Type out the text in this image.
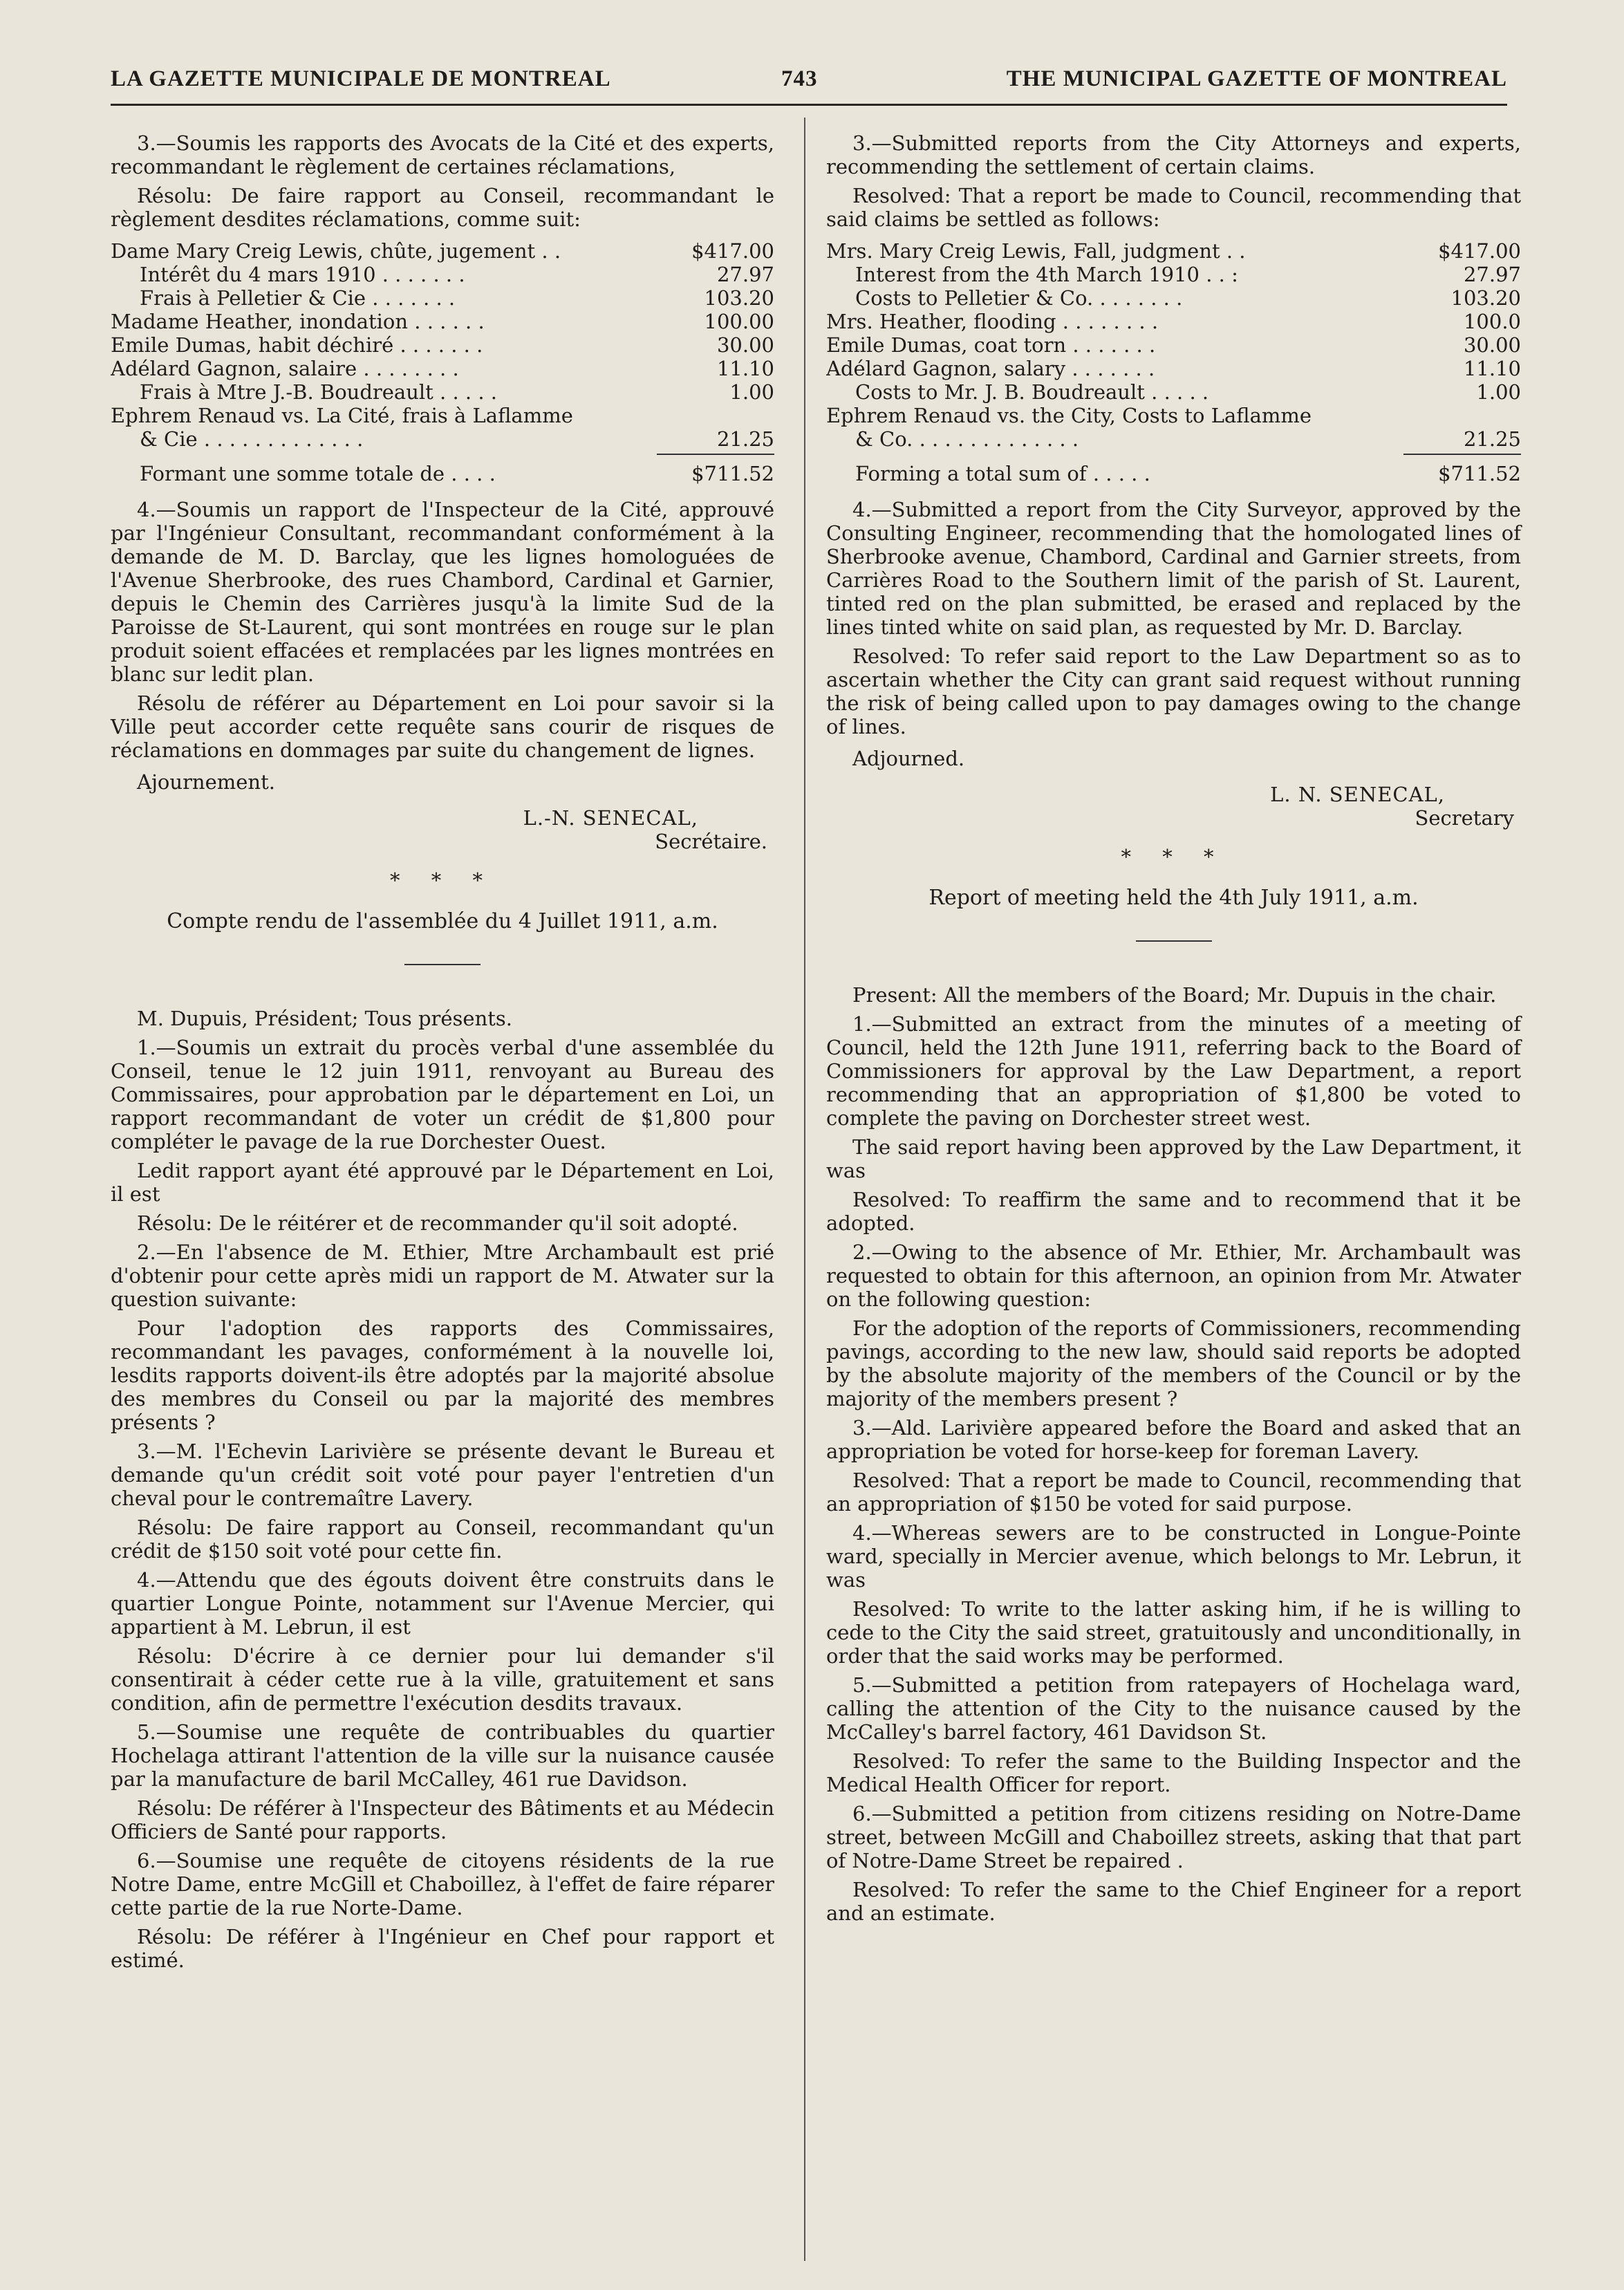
LA GAZETTE MUNICIPALE DE MONTREAL	743	THE MUNICIPAL GAZETTE OF MONTREAL

3.—Soumis les rapports des Avocats de la Cité et des experts, recommandant le règlement de certaines réclamations,

Résolu: De faire rapport au Conseil, recommandant le règlement desdites réclamations, comme suit:

Dame Mary Creig Lewis, chûte, jugement . .	$417.00
Intérêt du 4 mars 1910 . . . . . . .	27.97
Frais à Pelletier & Cie . . . . . . .	103.20
Madame Heather, inondation . . . . . .	100.00
Emile Dumas, habit déchiré . . . . . . .	30.00
Adélard Gagnon, salaire . . . . . . . .	11.10
Frais à Mtre J.-B. Boudreault . . . . .	1.00
Ephrem Renaud vs. La Cité, frais à Laflamme
& Cie . . . . . . . . . . . . .	21.25
Formant une somme totale de . . . .	$711.52

4.—Soumis un rapport de l'Inspecteur de la Cité, approuvé par l'Ingénieur Consultant, recommandant conformément à la demande de M. D. Barclay, que les lignes homologuées de l'Avenue Sherbrooke, des rues Chambord, Cardinal et Garnier, depuis le Chemin des Carrières jusqu'à la limite Sud de la Paroisse de St-Laurent, qui sont montrées en rouge sur le plan produit soient effacées et remplacées par les lignes montrées en blanc sur ledit plan.

Résolu de référer au Département en Loi pour savoir si la Ville peut accorder cette requête sans courir de risques de réclamations en dommages par suite du changement de lignes.

Ajournement.

L.-N. SENECAL,
Secrétaire.
* * *
Compte rendu de l'assemblée du 4 Juillet 1911, a.m.

M. Dupuis, Président; Tous présents.

1.—Soumis un extrait du procès verbal d'une assemblée du Conseil, tenue le 12 juin 1911, renvoyant au Bureau des Commissaires, pour approbation par le département en Loi, un rapport recommandant de voter un crédit de $1,800 pour compléter le pavage de la rue Dorchester Ouest.

Ledit rapport ayant été approuvé par le Département en Loi, il est

Résolu: De le réitérer et de recommander qu'il soit adopté.

2.—En l'absence de M. Ethier, Mtre Archambault est prié d'obtenir pour cette après midi un rapport de M. Atwater sur la question suivante:

Pour l'adoption des rapports des Commissaires, recommandant les pavages, conformément à la nouvelle loi, lesdits rapports doivent-ils être adoptés par la majorité absolue des membres du Conseil ou par la majorité des membres présents ?

3.—M. l'Echevin Larivière se présente devant le Bureau et demande qu'un crédit soit voté pour payer l'entretien d'un cheval pour le contremaître Lavery.

Résolu: De faire rapport au Conseil, recommandant qu'un crédit de $150 soit voté pour cette fin.

4.—Attendu que des égouts doivent être construits dans le quartier Longue Pointe, notamment sur l'Avenue Mercier, qui appartient à M. Lebrun, il est

Résolu: D'écrire à ce dernier pour lui demander s'il consentirait à céder cette rue à la ville, gratuitement et sans condition, afin de permettre l'exécution desdits travaux.

5.—Soumise une requête de contribuables du quartier Hochelaga attirant l'attention de la ville sur la nuisance causée par la manufacture de baril McCalley, 461 rue Davidson.

Résolu: De référer à l'Inspecteur des Bâtiments et au Médecin Officiers de Santé pour rapports.

6.—Soumise une requête de citoyens résidents de la rue Notre Dame, entre McGill et Chaboillez, à l'effet de faire réparer cette partie de la rue Norte-Dame.

Résolu: De référer à l'Ingénieur en Chef pour rapport et estimé.

3.—Submitted reports from the City Attorneys and experts, recommending the settlement of certain claims.

Resolved: That a report be made to Council, recommending that said claims be settled as follows:

Mrs. Mary Creig Lewis, Fall, judgment . .	$417.00
Interest from the 4th March 1910 . . :	27.97
Costs to Pelletier & Co. . . . . . . .	103.20
Mrs. Heather, flooding . . . . . . . .	100.0
Emile Dumas, coat torn . . . . . . .	30.00
Adélard Gagnon, salary . . . . . . .	11.10
Costs to Mr. J. B. Boudreault . . . . .	1.00
Ephrem Renaud vs. the City, Costs to Laflamme
& Co. . . . . . . . . . . . . .	21.25
Forming a total sum of . . . . .	$711.52

4.—Submitted a report from the City Surveyor, approved by the Consulting Engineer, recommending that the homologated lines of Sherbrooke avenue, Chambord, Cardinal and Garnier streets, from Carrières Road to the Southern limit of the parish of St. Laurent, tinted red on the plan submitted, be erased and replaced by the lines tinted white on said plan, as requested by Mr. D. Barclay.

Resolved: To refer said report to the Law Department so as to ascertain whether the City can grant said request without running the risk of being called upon to pay damages owing to the change of lines.

Adjourned.

L. N. SENECAL,
Secretary
* * *
Report of meeting held the 4th July 1911, a.m.

Present: All the members of the Board; Mr. Dupuis in the chair.

1.—Submitted an extract from the minutes of a meeting of Council, held the 12th June 1911, referring back to the Board of Commissioners for approval by the Law Department, a report recommending that an appropriation of $1,800 be voted to complete the paving on Dorchester street west.

The said report having been approved by the Law Department, it was

Resolved: To reaffirm the same and to recommend that it be adopted.

2.—Owing to the absence of Mr. Ethier, Mr. Archambault was requested to obtain for this afternoon, an opinion from Mr. Atwater on the following question:

For the adoption of the reports of Commissioners, recommending pavings, according to the new law, should said reports be adopted by the absolute majority of the members of the Council or by the majority of the members present ?

3.—Ald. Larivière appeared before the Board and asked that an appropriation be voted for horse-keep for foreman Lavery.

Resolved: That a report be made to Council, recommending that an appropriation of $150 be voted for said purpose.

4.—Whereas sewers are to be constructed in Longue-Pointe ward, specially in Mercier avenue, which belongs to Mr. Lebrun, it was

Resolved: To write to the latter asking him, if he is willing to cede to the City the said street, gratuitously and unconditionally, in order that the said works may be performed.

5.—Submitted a petition from ratepayers of Hochelaga ward, calling the attention of the City to the nuisance caused by the McCalley's barrel factory, 461 Davidson St.

Resolved: To refer the same to the Building Inspector and the Medical Health Officer for report.

6.—Submitted a petition from citizens residing on Notre-Dame street, between McGill and Chaboillez streets, asking that that part of Notre-Dame Street be repaired .

Resolved: To refer the same to the Chief Engineer for a report and an estimate.
